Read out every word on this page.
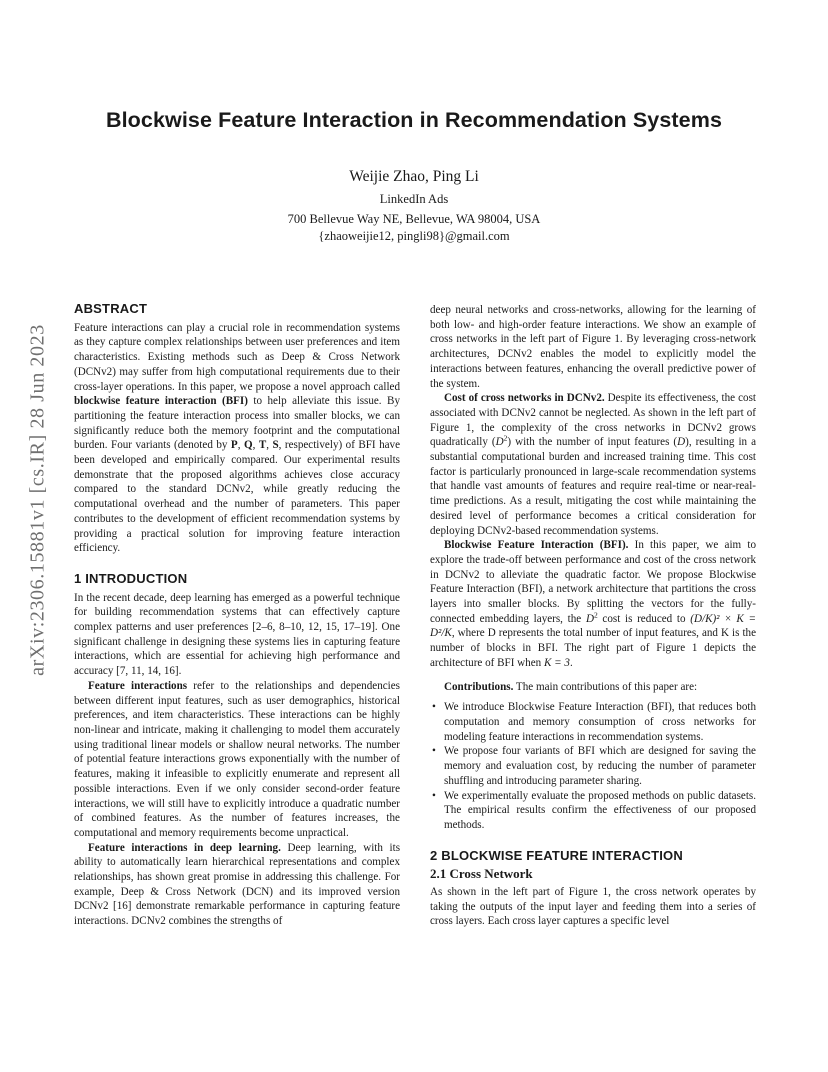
Blockwise Feature Interaction in Recommendation Systems
Weijie Zhao, Ping Li
LinkedIn Ads
700 Bellevue Way NE, Bellevue, WA 98004, USA
{zhaoweijie12, pingli98}@gmail.com
arXiv:2306.15881v1 [cs.IR] 28 Jun 2023
ABSTRACT

Feature interactions can play a crucial role in recommendation systems as they capture complex relationships between user preferences and item characteristics. Existing methods such as Deep & Cross Network (DCNv2) may suffer from high computational requirements due to their cross-layer operations. In this paper, we propose a novel approach called blockwise feature interaction (BFI) to help alleviate this issue. By partitioning the feature interaction process into smaller blocks, we can significantly reduce both the memory footprint and the computational burden. Four variants (denoted by P, Q, T, S, respectively) of BFI have been developed and empirically compared. Our experimental results demonstrate that the proposed algorithms achieves close accuracy compared to the standard DCNv2, while greatly reducing the computational overhead and the number of parameters. This paper contributes to the development of efficient recommendation systems by providing a practical solution for improving feature interaction efficiency.

1 INTRODUCTION

In the recent decade, deep learning has emerged as a powerful technique for building recommendation systems that can effectively capture complex patterns and user preferences [2–6, 8–10, 12, 15, 17–19]. One significant challenge in designing these systems lies in capturing feature interactions, which are essential for achieving high performance and accuracy [7, 11, 14, 16].

Feature interactions refer to the relationships and dependencies between different input features, such as user demographics, historical preferences, and item characteristics. These interactions can be highly non-linear and intricate, making it challenging to model them accurately using traditional linear models or shallow neural networks. The number of potential feature interactions grows exponentially with the number of features, making it infeasible to explicitly enumerate and represent all possible interactions. Even if we only consider second-order feature interactions, we will still have to explicitly introduce a quadratic number of combined features. As the number of features increases, the computational and memory requirements become unpractical.

Feature interactions in deep learning. Deep learning, with its ability to automatically learn hierarchical representations and complex relationships, has shown great promise in addressing this challenge. For example, Deep & Cross Network (DCN) and its improved version DCNv2 [16] demonstrate remarkable performance in capturing feature interactions. DCNv2 combines the strengths of

deep neural networks and cross-networks, allowing for the learning of both low- and high-order feature interactions. We show an example of cross networks in the left part of Figure 1. By leveraging cross-network architectures, DCNv2 enables the model to explicitly model the interactions between features, enhancing the overall predictive power of the system.

Cost of cross networks in DCNv2. Despite its effectiveness, the cost associated with DCNv2 cannot be neglected. As shown in the left part of Figure 1, the complexity of the cross networks in DCNv2 grows quadratically $(D^2)$ with the number of input features (D), resulting in a substantial computational burden and increased training time. This cost factor is particularly pronounced in large-scale recommendation systems that handle vast amounts of features and require real-time or near-real-time predictions. As a result, mitigating the cost while maintaining the desired level of performance becomes a critical consideration for deploying DCNv2-based recommendation systems.

Blockwise Feature Interaction (BFI). In this paper, we aim to explore the trade-off between performance and cost of the cross network in DCNv2 to alleviate the quadratic factor. We propose Blockwise Feature Interaction (BFI), a network architecture that partitions the cross layers into smaller blocks. By splitting the vectors for the fully-connected embedding layers, the $D^2$ cost is reduced to (D/K)² × K = D²/K, where D represents the total number of input features, and K is the number of blocks in BFI. The right part of Figure 1 depicts the architecture of BFI when K = 3.

Contributions. The main contributions of this paper are:

• We introduce Blockwise Feature Interaction (BFI), that reduces both computation and memory consumption of cross networks for modeling feature interactions in recommendation systems.
• We propose four variants of BFI which are designed for saving the memory and evaluation cost, by reducing the number of parameter shuffling and introducing parameter sharing.
• We experimentally evaluate the proposed methods on public datasets. The empirical results confirm the effectiveness of our proposed methods.
2 BLOCKWISE FEATURE INTERACTION
2.1 Cross Network

As shown in the left part of Figure 1, the cross network operates by taking the outputs of the input layer and feeding them into a series of cross layers. Each cross layer captures a specific level
